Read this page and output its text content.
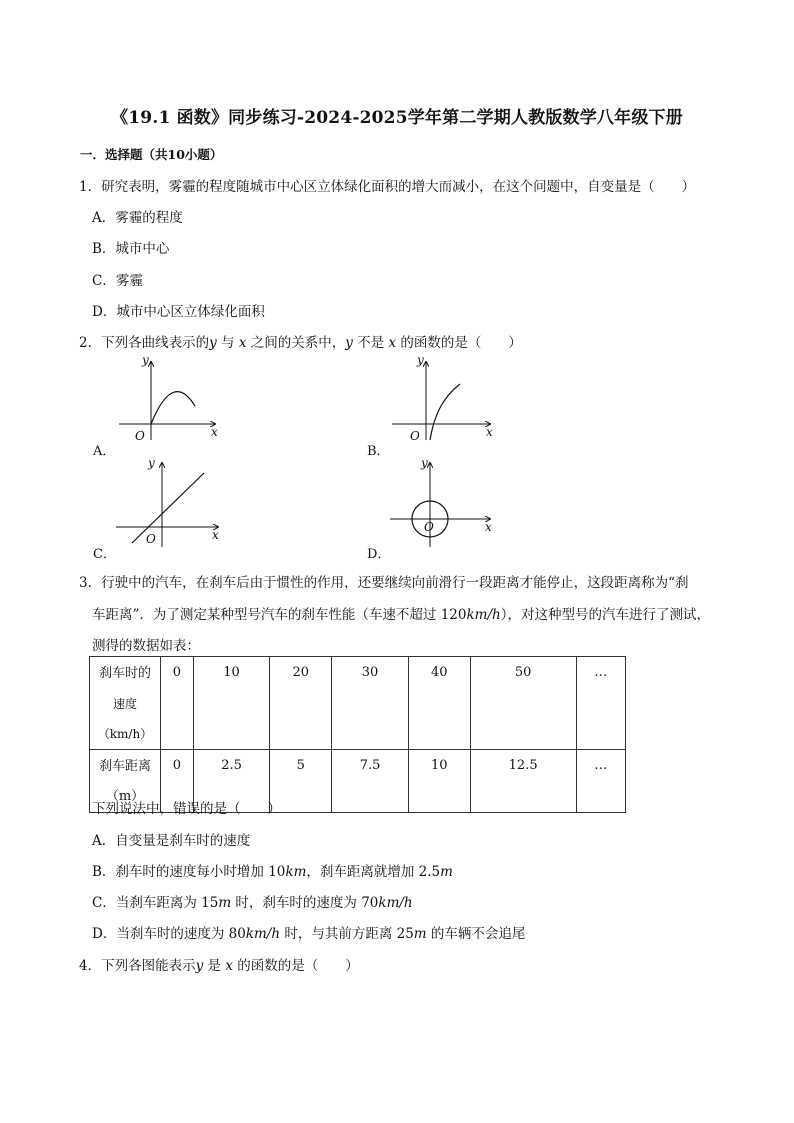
《19.1 函数》同步练习-2024-2025学年第二学期人教版数学八年级下册
一．选择题（共10小题）
1．研究表明，雾霾的程度随城市中心区立体绿化面积的增大而减小，在这个问题中，自变量是（　　）
A．雾霾的程度
B．城市中心
C．雾霾
D．城市中心区立体绿化面积
2．下列各曲线表示的y 与 x 之间的关系中，y 不是 x 的函数的是（　　）
A．
y
x
O
B．
y
x
O
C．
y
x
O
D．
y
x
O
3．行驶中的汽车，在刹车后由于惯性的作用，还要继续向前滑行一段距离才能停止，这段距离称为“刹
车距离”．为了测定某种型号汽车的刹车性能（车速不超过 120km/h），对这种型号的汽车进行了测试，
测得的数据如表：
刹车时的
速度（km/h）	0	10	20	30	40	50	…

刹车距离
（m）	0	2.5	5	7.5	10	12.5	…
下列说法中，错误的是（　　）
A．自变量是刹车时的速度
B．刹车时的速度每小时增加 10km，刹车距离就增加 2.5m
C．当刹车距离为 15m 时，刹车时的速度为 70km/h
D．当刹车时的速度为 80km/h 时，与其前方距离 25m 的车辆不会追尾
4．下列各图能表示y 是 x 的函数的是（　　）
